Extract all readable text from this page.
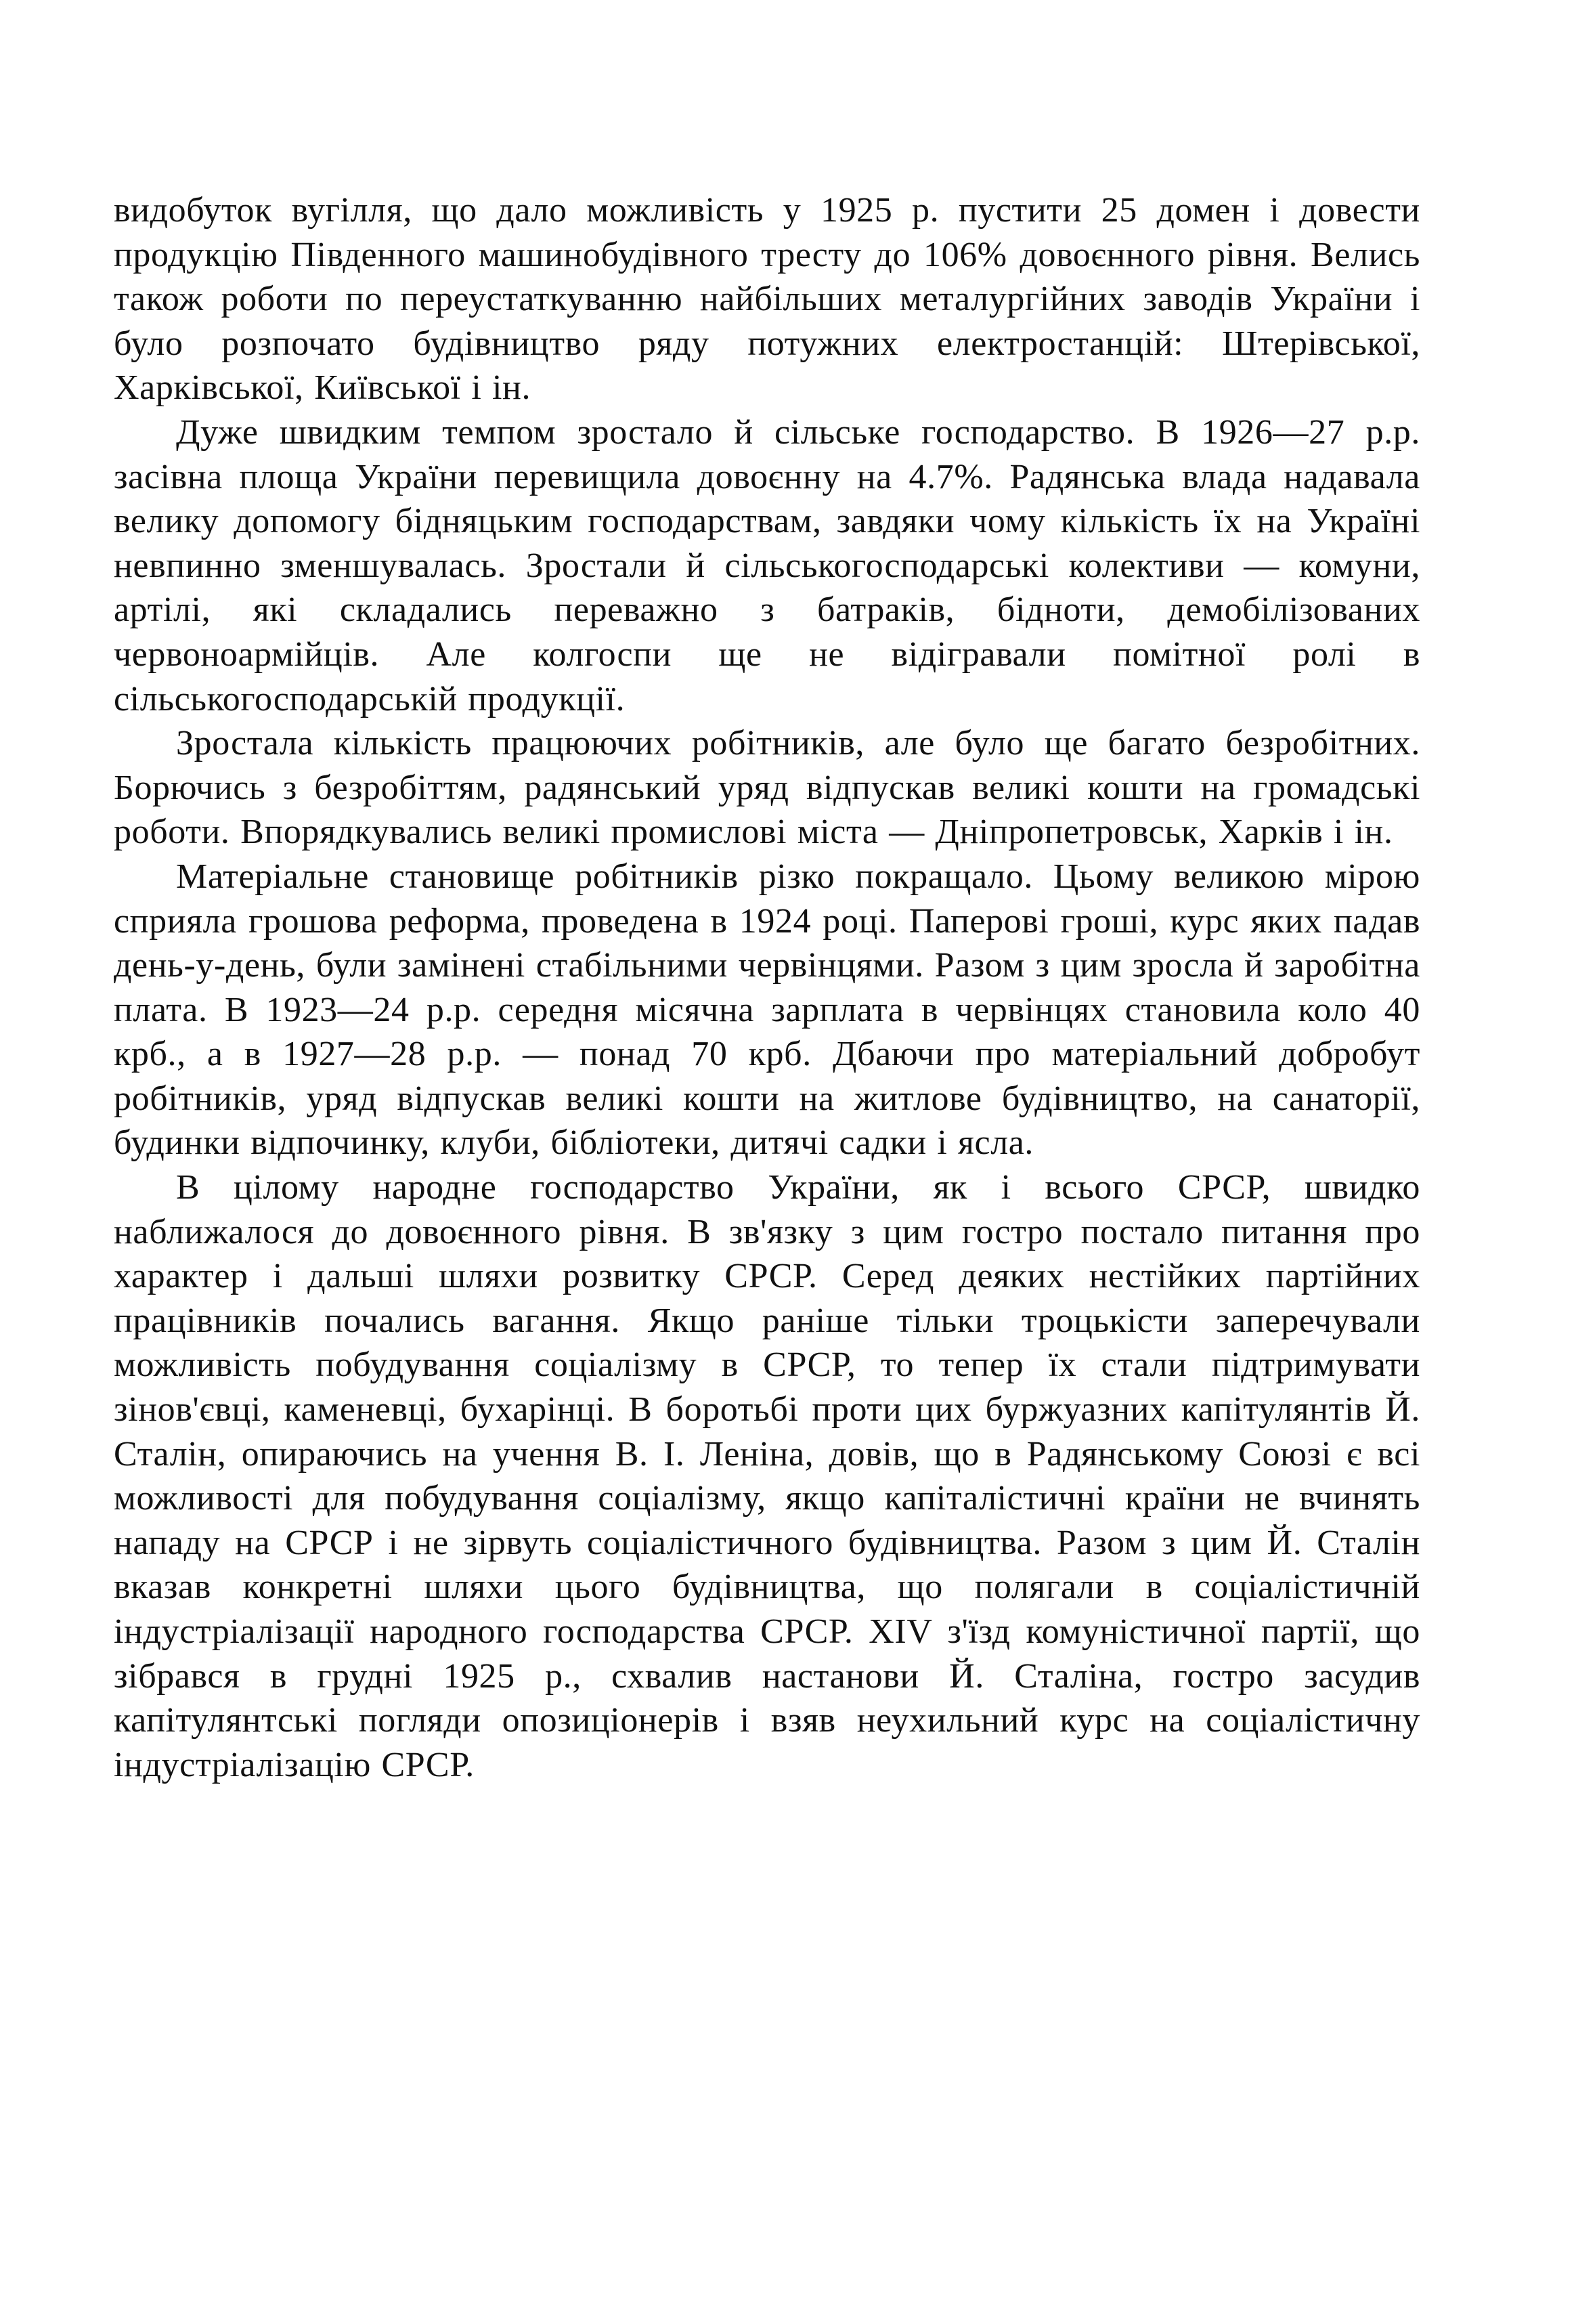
видобуток вугілля, що дало можливість у 1925 р. пустити 25 домен і довести продукцію Південного машинобудівного тресту до 106% довоєнного рівня. Велись також роботи по переустаткуванню найбільших металургійних заводів України і було розпочато будівництво ряду потужних електростанцій: Штерівської, Харківської, Київської і ін.

Дуже швидким темпом зростало й сільське господарство. В 1926—27 р.р. засівна площа України перевищила довоєнну на 4.7%. Радянська влада надавала велику допомогу бідняцьким господарствам, завдяки чому кількість їх на Україні невпинно зменшувалась. Зростали й сільськогосподарські колективи — комуни, артілі, які складались переважно з батраків, бідноти, демобілізованих червоноармійців. Але колгоспи ще не відігравали помітної ролі в сільськогосподарській продукції.

Зростала кількість працюючих робітників, але було ще багато безробітних. Борючись з безробіттям, радянський уряд відпускав великі кошти на громадські роботи. Впорядкувались великі промислові міста — Дніпропетровськ, Харків і ін.

Матеріальне становище робітників різко покращало. Цьому великою мірою сприяла грошова реформа, проведена в 1924 році. Паперові гроші, курс яких падав день-у-день, були замінені стабільними червінцями. Разом з цим зросла й заробітна плата. В 1923—24 р.р. середня місячна зарплата в червінцях становила коло 40 крб., а в 1927—28 р.р. — понад 70 крб. Дбаючи про матеріальний добробут робітників, уряд відпускав великі кошти на житлове будівництво, на санаторії, будинки відпочинку, клуби, бібліотеки, дитячі садки і ясла.

В цілому народне господарство України, як і всього СРСР, швидко наближалося до довоєнного рівня. В зв'язку з цим гостро постало питання про характер і дальші шляхи розвитку СРСР. Серед деяких нестійких партійних працівників почались вагання. Якщо раніше тільки троцькісти заперечували можливість побудування соціалізму в СРСР, то тепер їх стали підтримувати зінов'євці, каменевці, бухарінці. В боротьбі проти цих буржуазних капітулянтів Й. Сталін, опираючись на учення В. І. Леніна, довів, що в Радянському Союзі є всі можливості для побудування соціалізму, якщо капіталістичні країни не вчинять нападу на СРСР і не зірвуть соціалістичного будівництва. Разом з цим Й. Сталін вказав конкретні шляхи цього будівництва, що полягали в соціалістичній індустріалізації народного господарства СРСР. XIV з'їзд комуністичної партії, що зібрався в грудні 1925 р., схвалив настанови Й. Сталіна, гостро засудив капітулянтські погляди опозиціонерів і взяв неухильний курс на соціалістичну індустріалізацію СРСР.
